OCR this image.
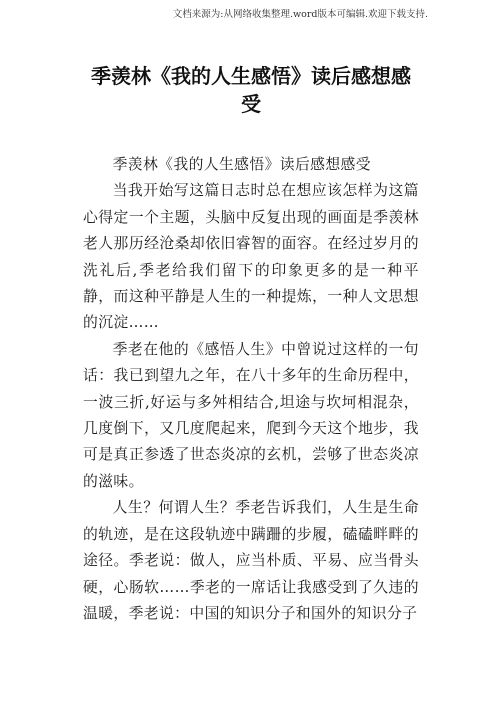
文档来源为:从网络收集整理.word版本可编辑.欢迎下载支持.
季羡林《我的人生感悟》读后感想感受

季羡林《我的人生感悟》读后感想感受

当我开始写这篇日志时总在想应该怎样为这篇心得定一个主题，头脑中反复出现的画面是季羡林老人那历经沧桑却依旧睿智的面容。在经过岁月的洗礼后,季老给我们留下的印象更多的是一种平静，而这种平静是人生的一种提炼，一种人文思想的沉淀……

季老在他的《感悟人生》中曾说过这样的一句话：我已到望九之年，在八十多年的生命历程中，一波三折,好运与多舛相结合,坦途与坎坷相混杂，几度倒下，又几度爬起来，爬到今天这个地步，我可是真正参透了世态炎凉的玄机，尝够了世态炎凉的滋味。

人生？何谓人生？季老告诉我们，人生是生命的轨迹，是在这段轨迹中蹒跚的步履，磕磕畔畔的途径。季老说：做人，应当朴质、平易、应当骨头硬，心肠软……季老的一席话让我感受到了久违的温暖，季老说：中国的知识分子和国外的知识分子
